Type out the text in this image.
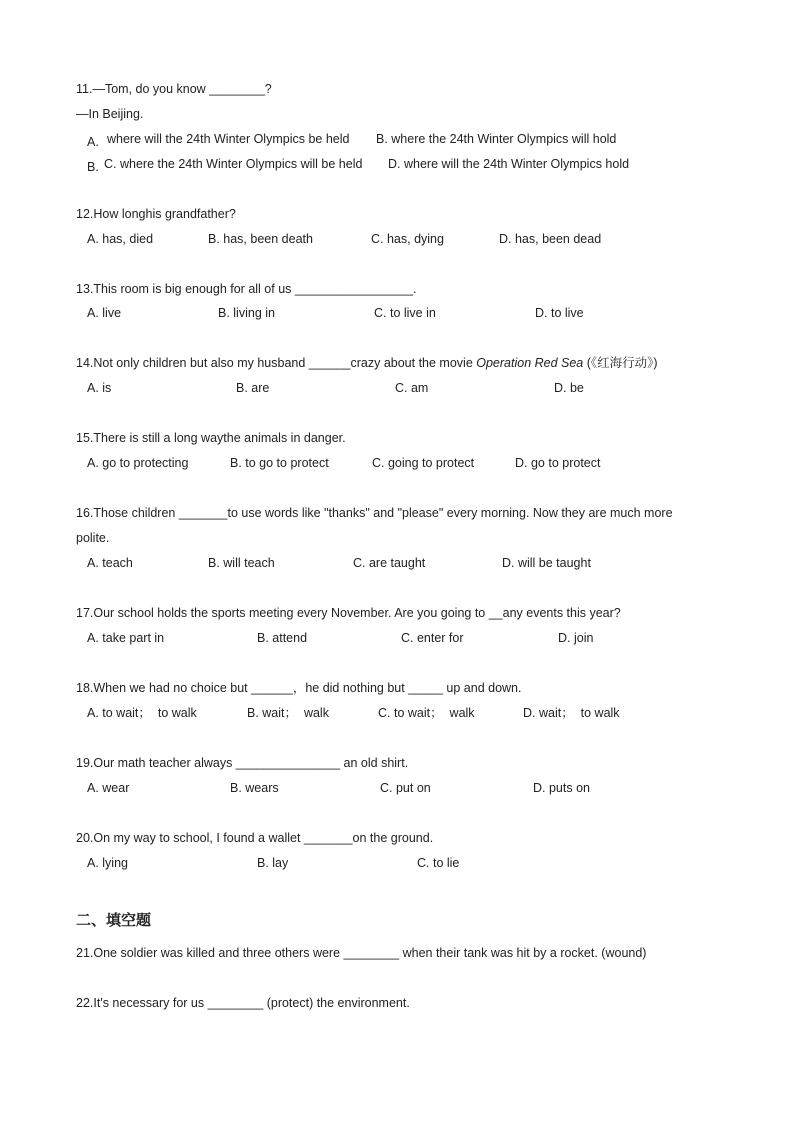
11.—Tom, do you know ________?
—In Beijing.
A. where will the 24th Winter Olympics be held B. where the 24th Winter Olympics will hold
B. C. where the 24th Winter Olympics will be held D. where will the 24th Winter Olympics hold
12.How longhis grandfather?
A. has, died	B. has, been death	C. has, dying	D. has, been dead
13.This room is big enough for all of us _________________.
A. live	B. living in	C. to live in	D. to live
14.Not only children but also my husband ______crazy about the movie Operation Red Sea (《红海行动》)
A. is	B. are	C. am	D. be
15.There is still a long waythe animals in danger.
A. go to protecting	B. to go to protect	C. going to protect	D. go to protect
16.Those children _______to use words like "thanks" and "please" every morning. Now they are much more
polite.
A. teach	B. will teach	C. are taught	D. will be taught
17.Our school holds the sports meeting every November. Are you going to __any events this year?
A. take part in	B. attend	C. enter for	D. join
18.When we had no choice but ______，he did nothing but _____ up and down.
A. to wait；  to walk	B. wait；  walk	C. to wait；  walk	D. wait；  to walk
19.Our math teacher always _______________ an old shirt.
A. wear	B. wears	C. put on	D. puts on
20.On my way to school, I found a wallet _______on the ground.
A. lying	B. lay	C. to lie
二、填空题
21.One soldier was killed and three others were ________ when their tank was hit by a rocket. (wound)
22.It's necessary for us ________ (protect) the environment.
